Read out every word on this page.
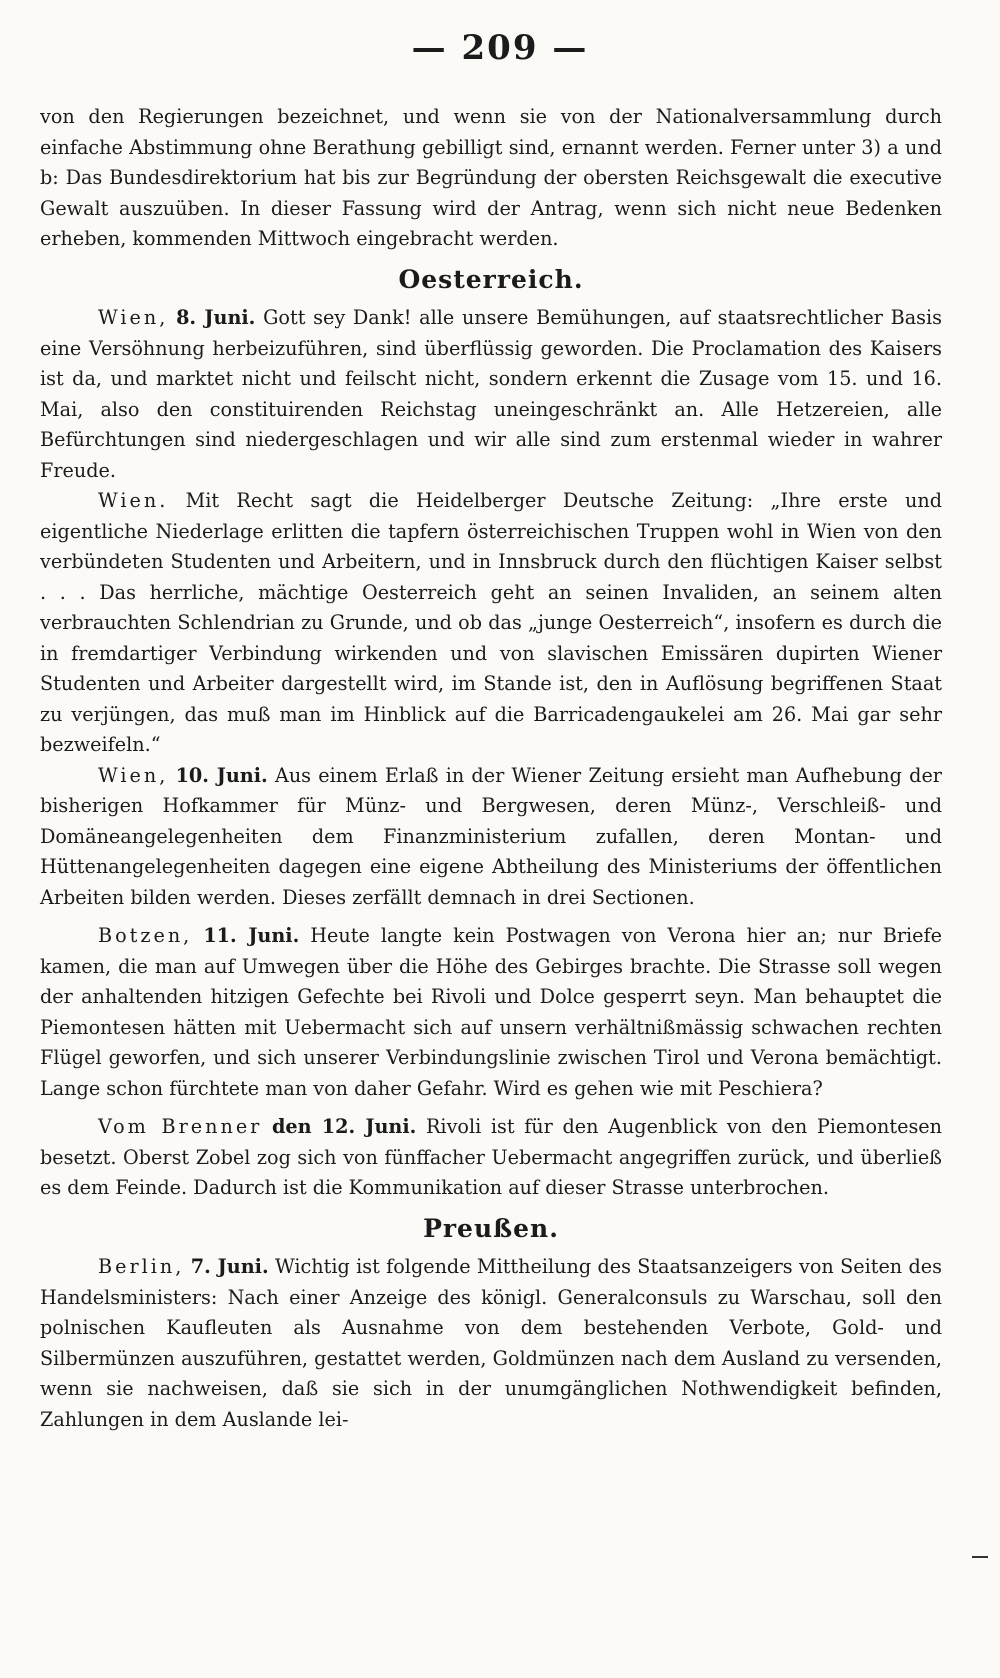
— 209 —

von den Regierungen bezeichnet, und wenn sie von der Nationalversammlung durch einfache Abstimmung ohne Berathung gebilligt sind, ernannt werden. Ferner unter 3) a und b: Das Bundesdirektorium hat bis zur Begründung der obersten Reichsgewalt die executive Gewalt auszuüben. In dieser Fassung wird der Antrag, wenn sich nicht neue Bedenken erheben, kommenden Mittwoch eingebracht werden.

Oesterreich.

Wien, 8. Juni. Gott sey Dank! alle unsere Bemühungen, auf staatsrechtlicher Basis eine Versöhnung herbeizuführen, sind überflüssig geworden. Die Proclamation des Kaisers ist da, und marktet nicht und feilscht nicht, sondern erkennt die Zusage vom 15. und 16. Mai, also den constituirenden Reichstag uneingeschränkt an. Alle Hetzereien, alle Befürchtungen sind niedergeschlagen und wir alle sind zum erstenmal wieder in wahrer Freude.

Wien. Mit Recht sagt die Heidelberger Deutsche Zeitung: „Ihre erste und eigentliche Niederlage erlitten die tapfern österreichischen Truppen wohl in Wien von den verbündeten Studenten und Arbeitern, und in Innsbruck durch den flüchtigen Kaiser selbst . . . Das herrliche, mächtige Oesterreich geht an seinen Invaliden, an seinem alten verbrauchten Schlendrian zu Grunde, und ob das „junge Oesterreich“, insofern es durch die in fremdartiger Verbindung wirkenden und von slavischen Emissären dupirten Wiener Studenten und Arbeiter dargestellt wird, im Stande ist, den in Auflösung begriffenen Staat zu verjüngen, das muß man im Hinblick auf die Barricadengaukelei am 26. Mai gar sehr bezweifeln.“

Wien, 10. Juni. Aus einem Erlaß in der Wiener Zeitung ersieht man Aufhebung der bisherigen Hofkammer für Münz- und Bergwesen, deren Münz-, Verschleiß- und Domäneangelegenheiten dem Finanzministerium zufallen, deren Montan- und Hüttenangelegenheiten dagegen eine eigene Abtheilung des Ministeriums der öffentlichen Arbeiten bilden werden. Dieses zerfällt demnach in drei Sectionen.

Botzen, 11. Juni. Heute langte kein Postwagen von Verona hier an; nur Briefe kamen, die man auf Umwegen über die Höhe des Gebirges brachte. Die Strasse soll wegen der anhaltenden hitzigen Gefechte bei Rivoli und Dolce gesperrt seyn. Man behauptet die Piemontesen hätten mit Uebermacht sich auf unsern verhältnißmässig schwachen rechten Flügel geworfen, und sich unserer Verbindungslinie zwischen Tirol und Verona bemächtigt. Lange schon fürchtete man von daher Gefahr. Wird es gehen wie mit Peschiera?

Vom Brenner den 12. Juni. Rivoli ist für den Augenblick von den Piemontesen besetzt. Oberst Zobel zog sich von fünffacher Uebermacht angegriffen zurück, und überließ es dem Feinde. Dadurch ist die Kommunikation auf dieser Strasse unterbrochen.

Preußen.

Berlin, 7. Juni. Wichtig ist folgende Mittheilung des Staatsanzeigers von Seiten des Handelsministers: Nach einer Anzeige des königl. Generalconsuls zu Warschau, soll den polnischen Kaufleuten als Ausnahme von dem bestehenden Verbote, Gold- und Silbermünzen auszuführen, gestattet werden, Goldmünzen nach dem Ausland zu versenden, wenn sie nachweisen, daß sie sich in der unumgänglichen Nothwendigkeit befinden, Zahlungen in dem Auslande lei-
